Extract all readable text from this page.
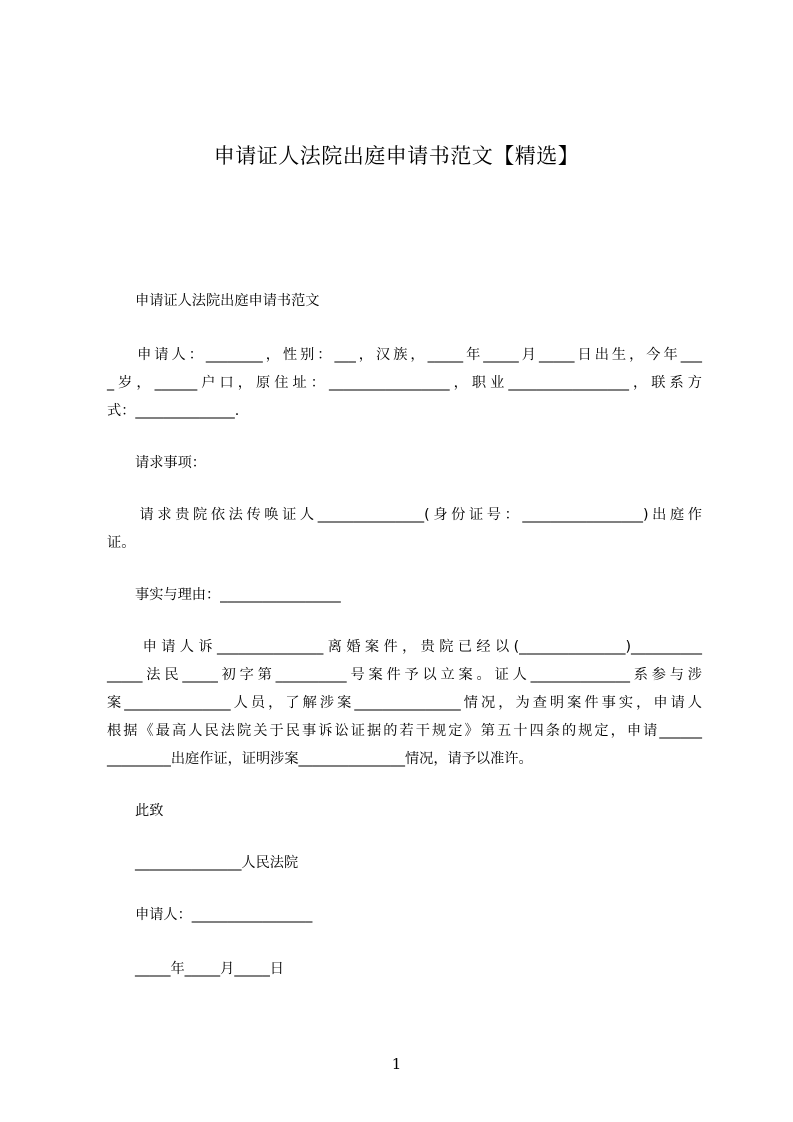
申请证人法院出庭申请书范文【精选】
申请证人法院出庭申请书范文
申请人：________，性别：___，汉族，_____年_____月_____日出生，今年___
_岁，______户口，原住址：_________________，职业_________________，联系方
式：______________.
请求事项：
请求贵院依法传唤证人_______________(身份证号：_________________)出庭作
证。
事实与理由：_________________
申请人诉_______________离婚案件，贵院已经以(_______________)__________
_____法民_____初字第__________号案件予以立案。证人______________系参与涉
案_______________人员，了解涉案_______________情况，为查明案件事实，申请人
根据《最高人民法院关于民事诉讼证据的若干规定》第五十四条的规定，申请______
_________出庭作证，证明涉案_______________情况，请予以准许。
此致
_______________人民法院
申请人：_________________
_____年_____月_____日
1
